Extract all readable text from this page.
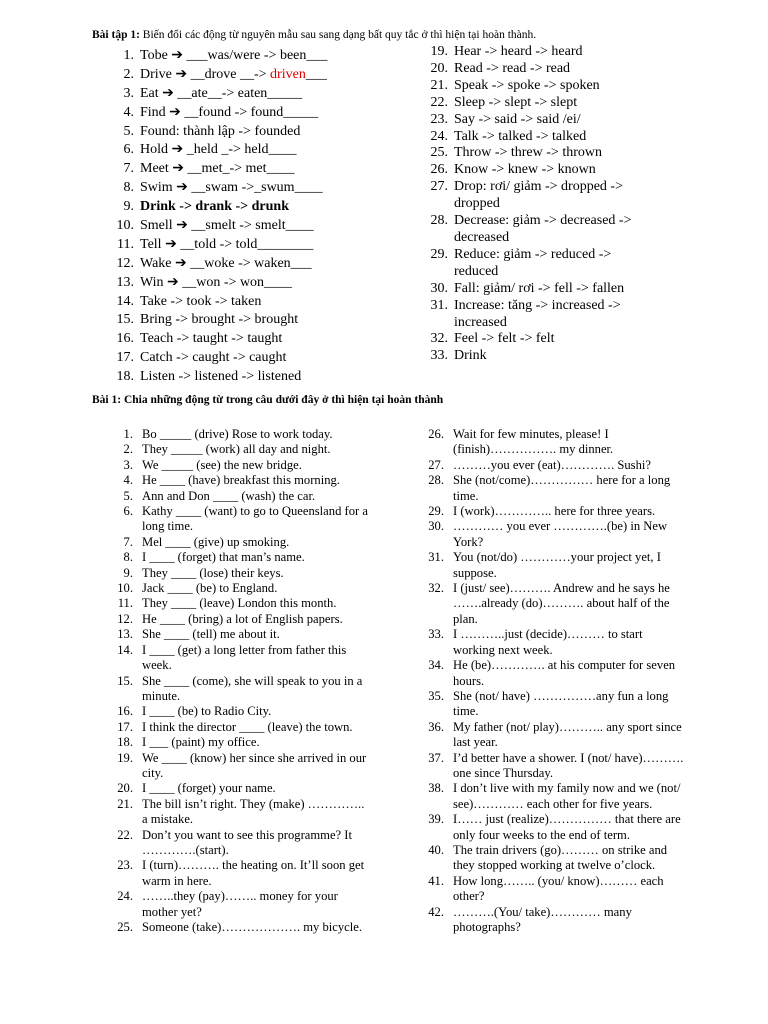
Bài tập 1: Biến đổi các động từ nguyên mẫu sau sang dạng bất quy tắc ở thì hiện tại hoàn thành.
1. Tobe ➔ ___was/were -> been___
2. Drive ➔ __drove __-> driven___
3. Eat ➔ __ate__-> eaten_____
4. Find ➔ __found -> found_____
5. Found: thành lập -> founded
6. Hold ➔ _held _-> held____
7. Meet ➔ __met_-> met____
8. Swim ➔ __swam ->_swum____
9. Drink -> drank -> drunk
10. Smell ➔ __smelt -> smelt____
11. Tell ➔ __told -> told________
12. Wake ➔ __woke -> waken___
13. Win ➔ __won -> won____
14. Take -> took -> taken
15. Bring -> brought -> brought
16. Teach -> taught -> taught
17. Catch -> caught -> caught
18. Listen -> listened -> listened
19. Hear -> heard -> heard
20. Read -> read -> read
21. Speak -> spoke -> spoken
22. Sleep -> slept -> slept
23. Say -> said -> said /ei/
24. Talk -> talked -> talked
25. Throw -> threw -> thrown
26. Know -> knew -> known
27. Drop: rơi/ giảm -> dropped -> dropped
28. Decrease: giảm -> decreased -> decreased
29. Reduce: giảm -> reduced -> reduced
30. Fall: giảm/ rơi -> fell -> fallen
31. Increase: tăng -> increased -> increased
32. Feel -> felt -> felt
33. Drink
Bài 1: Chia những động từ trong câu dưới đây ở thì hiện tại hoàn thành
1. Bo _____ (drive) Rose to work today.
2. They _____ (work) all day and night.
3. We _____ (see) the new bridge.
4. He ____ (have) breakfast this morning.
5. Ann and Don ____ (wash) the car.
6. Kathy ____ (want) to go to Queensland for a long time.
7. Mel ____ (give) up smoking.
8. I ____ (forget) that man’s name.
9. They ____ (lose) their keys.
10. Jack ____ (be) to England.
11. They ____ (leave) London this month.
12. He ____ (bring) a lot of English papers.
13. She ____ (tell) me about it.
14. I ____ (get) a long letter from father this week.
15. She ____ (come), she will speak to you in a minute.
16. I ____ (be) to Radio City.
17. I think the director ____ (leave) the town.
18. I ___ (paint) my office.
19. We ____ (know) her since she arrived in our city.
20. I ____ (forget) your name.
21. The bill isn’t right. They (make) ………….. a mistake.
22. Don’t you want to see this programme? It ………….(start).
23. I (turn)………. the heating on. It’ll soon get warm in here.
24. ……..they (pay)…….. money for your mother yet?
25. Someone (take)………………. my bicycle.
26. Wait for few minutes, please! I (finish)……………. my dinner.
27. ………you ever (eat)…………. Sushi?
28. She (not/come)…………… here for a long time.
29. I (work)………….. here for three years.
30. ………… you ever ………….(be) in New York?
31. You (not/do) …………your project yet, I suppose.
32. I (just/ see)………. Andrew and he says he …….already (do)………. about half of the plan.
33. I ………..just (decide)……… to start working next week.
34. He (be)…………. at his computer for seven hours.
35. She (not/ have) ……………any fun a long time.
36. My father (not/ play)……….. any sport since last year.
37. I’d better have a shower. I (not/ have)………. one since Thursday.
38. I don’t live with my family now and we (not/ see)………… each other for five years.
39. I…… just (realize)…………… that there are only four weeks to the end of term.
40. The train drivers (go)……… on strike and they stopped working at twelve o’clock.
41. How long…….. (you/ know)……… each other?
42. ……….(You/ take)………… many photographs?
